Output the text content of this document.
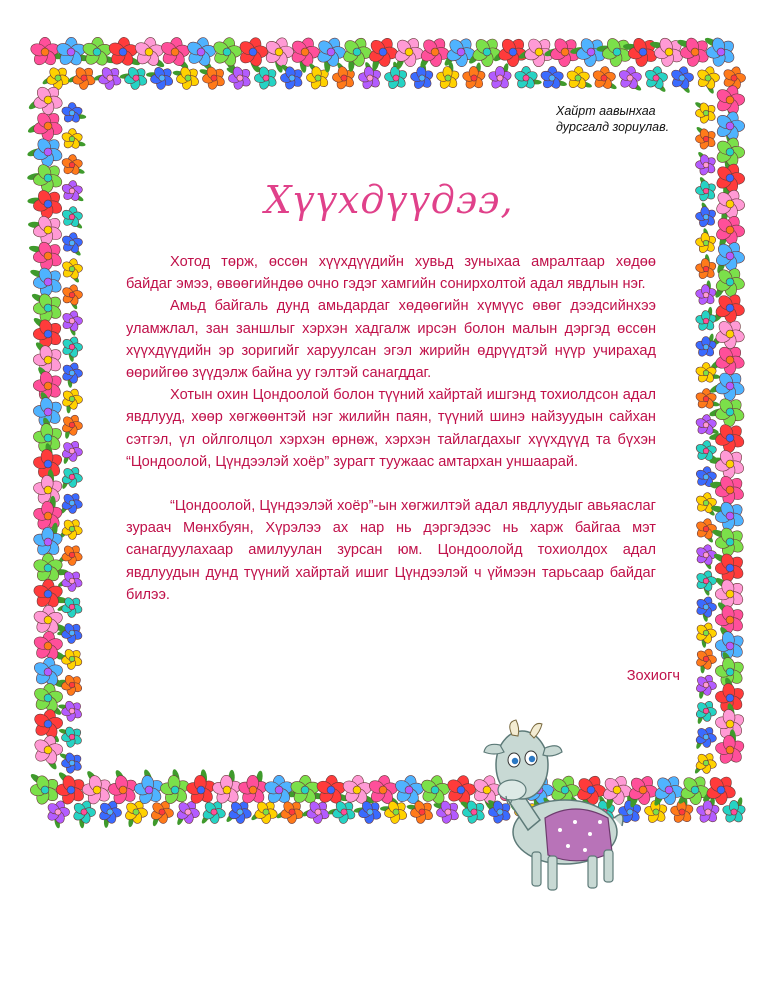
Хайрт аавынхаа
дурсгалд зориулав.

Хүүхдүүдээ,

Хотод төрж, өссөн хүүхдүүдийн хувьд зуныхаа амралтаар хөдөө байдаг эмээ, өвөөгийндөө очно гэдэг хамгийн сонирхолтой адал явдлын нэг.

Амьд байгаль дунд амьдардаг хөдөөгийн хүмүүс өвөг дээдсийнхээ уламжлал, зан заншлыг хэрхэн хадгалж ирсэн болон малын дэргэд өссөн хүүхдүүдийн эр зоригийг харуулсан эгэл жирийн өдрүүдтэй нүүр учирахад өөрийгөө зүүдэлж байна уу гэлтэй санагддаг.

Хотын охин Цондоолой болон түүний хайртай ишгэнд тохиолдсон адал явдлууд, хөөр хөгжөөнтэй нэг жилийн паян, түүний шинэ найзуудын сайхан сэтгэл, үл ойлголцол хэрхэн өрнөж, хэрхэн тайлагдахыг хүүхдүүд та бүхэн “Цондоолой, Цүндээлэй хоёр” зурагт туужаас амтархан уншаарай.

“Цондоолой, Цүндээлэй хоёр”-ын хөгжилтэй адал явдлуудыг авьяаслаг зураач Мөнхбуян, Хүрэлээ ах нар нь дэргэдээс нь харж байгаа мэт санагдуулахаар амилуулан зурсан юм. Цондоолойд тохиолдох адал явдлуудын дунд түүний хайртай ишиг Цүндээлэй ч үймээн тарьсаар байдаг билээ.

Зохиогч
